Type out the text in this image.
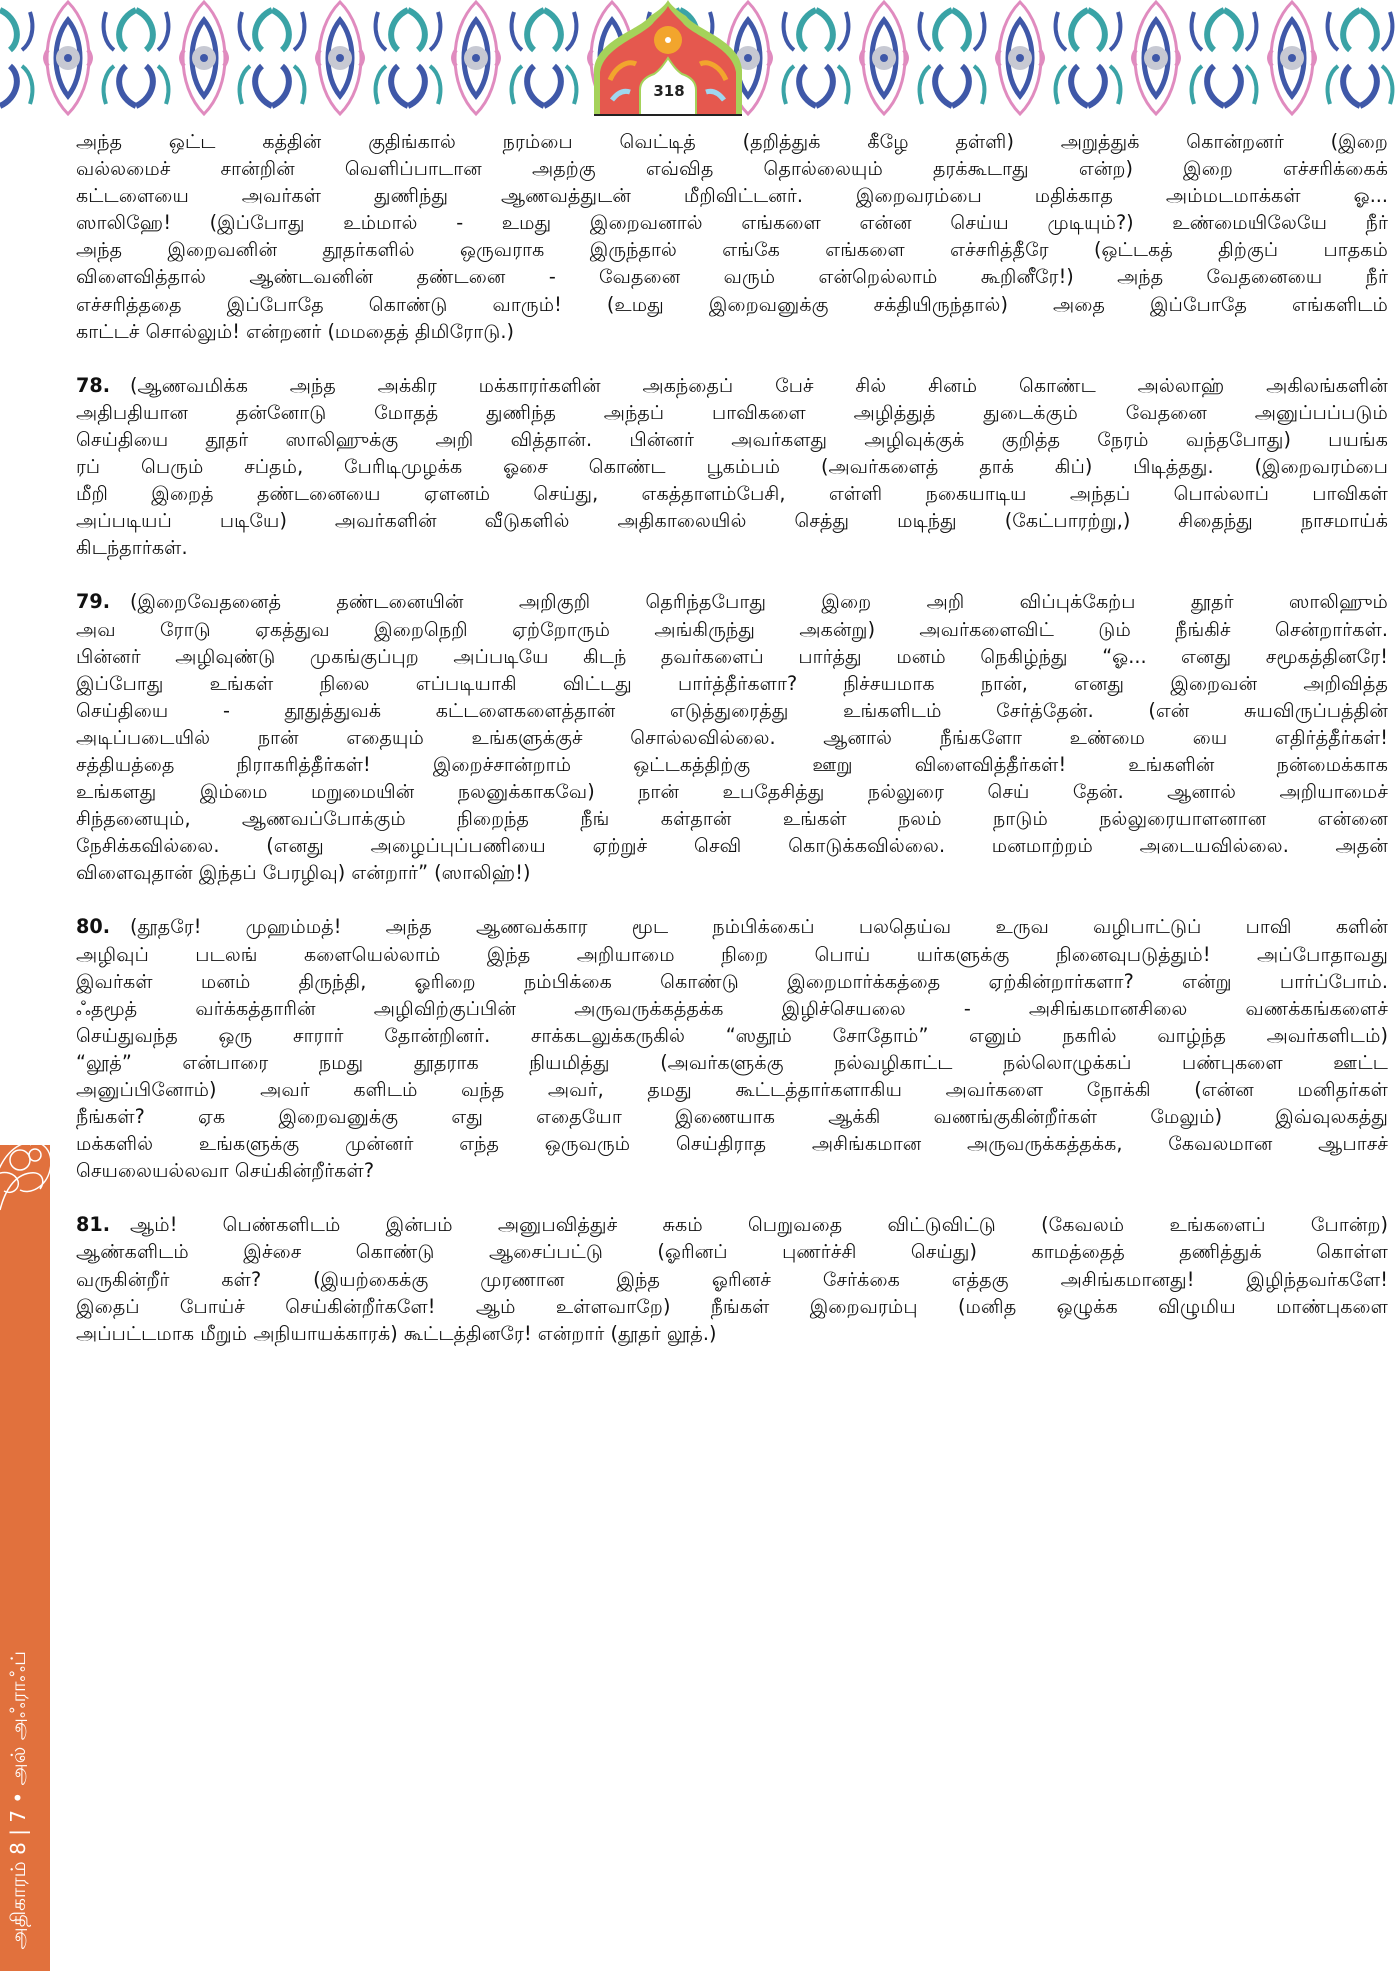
318
அந்த ஒட்ட கத்தின் குதிங்கால் நரம்பை வெட்டித் (தறித்துக் கீழே தள்ளி) அறுத்துக் கொன்றனர் (இறை
வல்லமைச் சான்றின் வெளிப்பாடான அதற்கு எவ்வித தொல்லையும் தரக்கூடாது என்ற) இறை எச்சரிக்கைக்
கட்டளையை அவர்கள் துணிந்து ஆணவத்துடன் மீறிவிட்டனர். இறைவரம்பை மதிக்காத அம்மடமாக்கள் ஓ...
ஸாலிஹே! (இப்போது உம்மால் - உமது இறைவனால் எங்களை என்ன செய்ய முடியும்?) உண்மையிலேயே நீர்
அந்த இறைவனின் தூதர்களில் ஒருவராக இருந்தால் எங்கே எங்களை எச்சரித்தீரே (ஒட்டகத் திற்குப் பாதகம்
விளைவித்தால் ஆண்டவனின் தண்டனை - வேதனை வரும் என்றெல்லாம் கூறினீரே!) அந்த வேதனையை நீர்
எச்சரித்ததை இப்போதே கொண்டு வாரும்! (உமது இறைவனுக்கு சக்தியிருந்தால்) அதை இப்போதே எங்களிடம்
காட்டச் சொல்லும்! என்றனர் (மமதைத் திமிரோடு.)
78. (ஆணவமிக்க அந்த அக்கிர மக்காரர்களின் அகந்தைப் பேச் சில் சினம் கொண்ட அல்லாஹ் அகிலங்களின்
அதிபதியான தன்னோடு மோதத் துணிந்த அந்தப் பாவிகளை அழித்துத் துடைக்கும் வேதனை அனுப்பப்படும்
செய்தியை தூதர் ஸாலிஹுக்கு அறி வித்தான். பின்னர் அவர்களது அழிவுக்குக் குறித்த நேரம் வந்தபோது) பயங்க
ரப் பெரும் சப்தம், பேரிடிமுழக்க ஓசை கொண்ட பூகம்பம் (அவர்களைத் தாக் கிப்) பிடித்தது. (இறைவரம்பை
மீறி இறைத் தண்டனையை ஏளனம் செய்து, எகத்தாளம்பேசி, எள்ளி நகையாடிய அந்தப் பொல்லாப் பாவிகள்
அப்படியப் படியே) அவர்களின் வீடுகளில் அதிகாலையில் செத்து மடிந்து (கேட்பாரற்று,) சிதைந்து நாசமாய்க்
கிடந்தார்கள்.
79. (இறைவேதனைத் தண்டனையின் அறிகுறி தெரிந்தபோது இறை அறி விப்புக்கேற்ப தூதர் ஸாலிஹும்
அவ ரோடு ஏகத்துவ இறைநெறி ஏற்றோரும் அங்கிருந்து அகன்று) அவர்களைவிட் டும் நீங்கிச் சென்றார்கள்.
பின்னர் அழிவுண்டு முகங்குப்புற அப்படியே கிடந் தவர்களைப் பார்த்து மனம் நெகிழ்ந்து “ஓ... எனது சமூகத்தினரே!
இப்போது உங்கள் நிலை எப்படியாகி விட்டது பார்த்தீர்களா? நிச்சயமாக நான், எனது இறைவன் அறிவித்த
செய்தியை - தூதுத்துவக் கட்டளைகளைத்தான் எடுத்துரைத்து உங்களிடம் சேர்த்தேன். (என் சுயவிருப்பத்தின்
அடிப்படையில் நான் எதையும் உங்களுக்குச் சொல்லவில்லை. ஆனால் நீங்களோ உண்மை யை எதிர்த்தீர்கள்!
சத்தியத்தை நிராகரித்தீர்கள்! இறைச்சான்றாம் ஒட்டகத்திற்கு ஊறு விளைவித்தீர்கள்! உங்களின் நன்மைக்காக
உங்களது இம்மை மறுமையின் நலனுக்காகவே) நான் உபதேசித்து நல்லுரை செய் தேன். ஆனால் அறியாமைச்
சிந்தனையும், ஆணவப்போக்கும் நிறைந்த நீங் கள்தான் உங்கள் நலம் நாடும் நல்லுரையாளனான என்னை
நேசிக்கவில்லை. (எனது அழைப்புப்பணியை ஏற்றுச் செவி கொடுக்கவில்லை. மனமாற்றம் அடையவில்லை. அதன்
விளைவுதான் இந்தப் பேரழிவு) என்றார்” (ஸாலிஹ்!)
80. (தூதரே! முஹம்மத்! அந்த ஆணவக்கார மூட நம்பிக்கைப் பலதெய்வ உருவ வழிபாட்டுப் பாவி களின்
அழிவுப் படலங் களையெல்லாம் இந்த அறியாமை நிறை பொய் யர்களுக்கு நினைவுபடுத்தும்! அப்போதாவது
இவர்கள் மனம் திருந்தி, ஓரிறை நம்பிக்கை கொண்டு இறைமார்க்கத்தை ஏற்கின்றார்களா? என்று பார்ப்போம்.
ஃதமூத் வர்க்கத்தாரின் அழிவிற்குப்பின் அருவருக்கத்தக்க இழிச்செயலை - அசிங்கமானசிலை வணக்கங்களைச்
செய்துவந்த ஒரு சாரார் தோன்றினர். சாக்கடலுக்கருகில் “ஸதூம் சோதோம்” எனும் நகரில் வாழ்ந்த அவர்களிடம்)
“லூத்” என்பாரை நமது தூதராக நியமித்து (அவர்களுக்கு நல்வழிகாட்ட நல்லொழுக்கப் பண்புகளை ஊட்ட
அனுப்பினோம்) அவர் களிடம் வந்த அவர், தமது கூட்டத்தார்களாகிய அவர்களை நோக்கி (என்ன மனிதர்கள்
நீங்கள்? ஏக இறைவனுக்கு எது எதையோ இணையாக ஆக்கி வணங்குகின்றீர்கள் மேலும்) இவ்வுலகத்து
மக்களில் உங்களுக்கு முன்னர் எந்த ஒருவரும் செய்திராத அசிங்கமான அருவருக்கத்தக்க, கேவலமான ஆபாசச்
செயலையல்லவா செய்கின்றீர்கள்?
81. ஆம்! பெண்களிடம் இன்பம் அனுபவித்துச் சுகம் பெறுவதை விட்டுவிட்டு (கேவலம் உங்களைப் போன்ற)
ஆண்களிடம் இச்சை கொண்டு ஆசைப்பட்டு (ஓரினப் புணர்ச்சி செய்து) காமத்தைத் தணித்துக் கொள்ள
வருகின்றீர் கள்? (இயற்கைக்கு முரணான இந்த ஓரினச் சேர்க்கை எத்தகு அசிங்கமானது! இழிந்தவர்களே!
இதைப் போய்ச் செய்கின்றீர்களே! ஆம் உள்ளவாறே) நீங்கள் இறைவரம்பு (மனித ஒழுக்க விழுமிய மாண்புகளை
அப்பட்டமாக மீறும் அநியாயக்காரக்) கூட்டத்தினரே! என்றார் (தூதர் லூத்.)
அதிகாரம் 8 | 7 • அல் அஃராஃப்
